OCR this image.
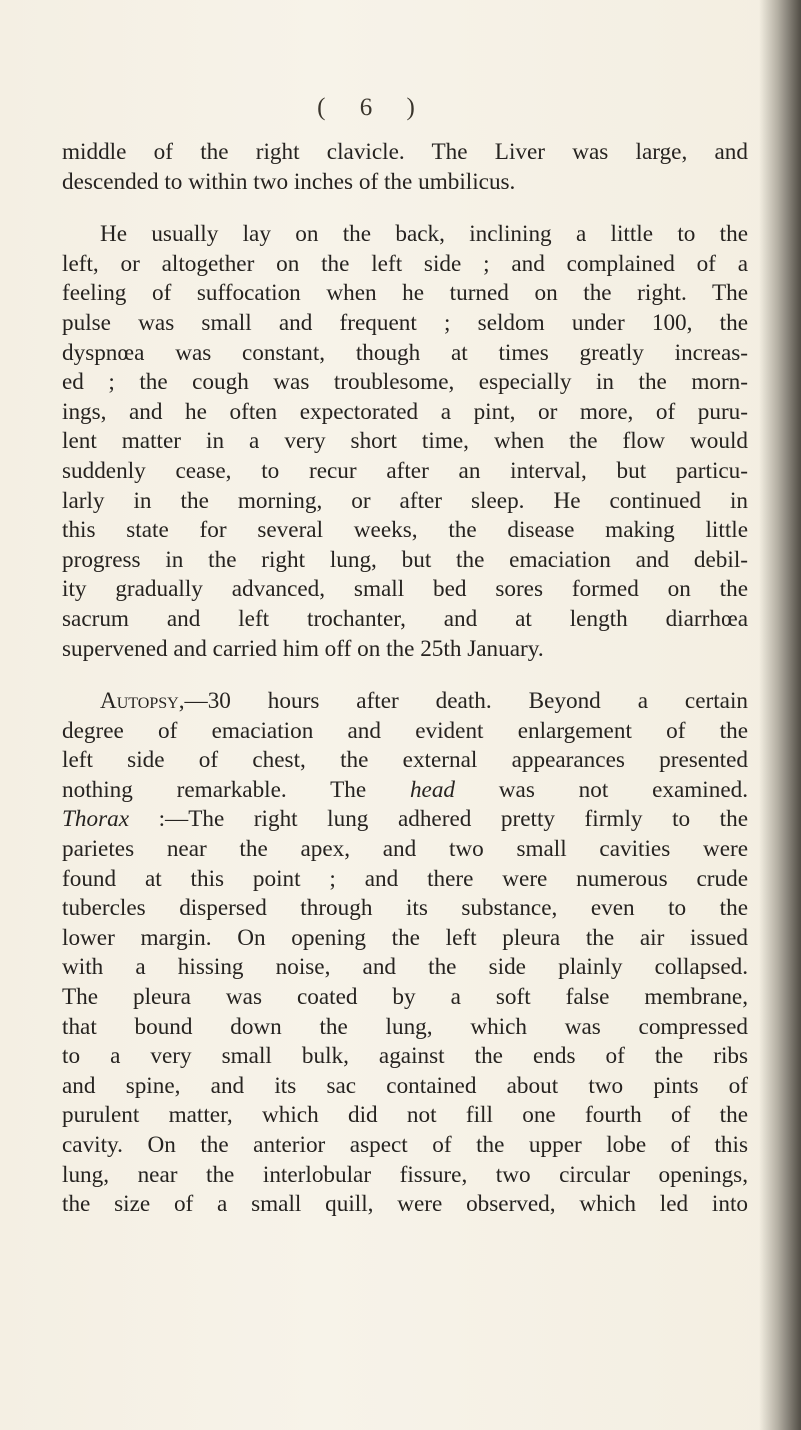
( 6 )

middle of the right clavicle. The Liver was large, and

descended to within two inches of the umbilicus.

He usually lay on the back, inclining a little to the

left, or altogether on the left side ; and complained of a

feeling of suffocation when he turned on the right. The

pulse was small and frequent ; seldom under 100, the

dyspnœa was constant, though at times greatly increas-

ed ; the cough was troublesome, especially in the morn-

ings, and he often expectorated a pint, or more, of puru-

lent matter in a very short time, when the flow would

suddenly cease, to recur after an interval, but particu-

larly in the morning, or after sleep. He continued in

this state for several weeks, the disease making little

progress in the right lung, but the emaciation and debil-

ity gradually advanced, small bed sores formed on the

sacrum and left trochanter, and at length diarrhœa

supervened and carried him off on the 25th January.

Autopsy,—30 hours after death. Beyond a certain

degree of emaciation and evident enlargement of the

left side of chest, the external appearances presented

nothing remarkable. The head was not examined.

Thorax :—The right lung adhered pretty firmly to the

parietes near the apex, and two small cavities were

found at this point ; and there were numerous crude

tubercles dispersed through its substance, even to the

lower margin. On opening the left pleura the air issued

with a hissing noise, and the side plainly collapsed.

The pleura was coated by a soft false membrane,

that bound down the lung, which was compressed

to a very small bulk, against the ends of the ribs

and spine, and its sac contained about two pints of

purulent matter, which did not fill one fourth of the

cavity. On the anterior aspect of the upper lobe of this

lung, near the interlobular fissure, two circular openings,

the size of a small quill, were observed, which led into
